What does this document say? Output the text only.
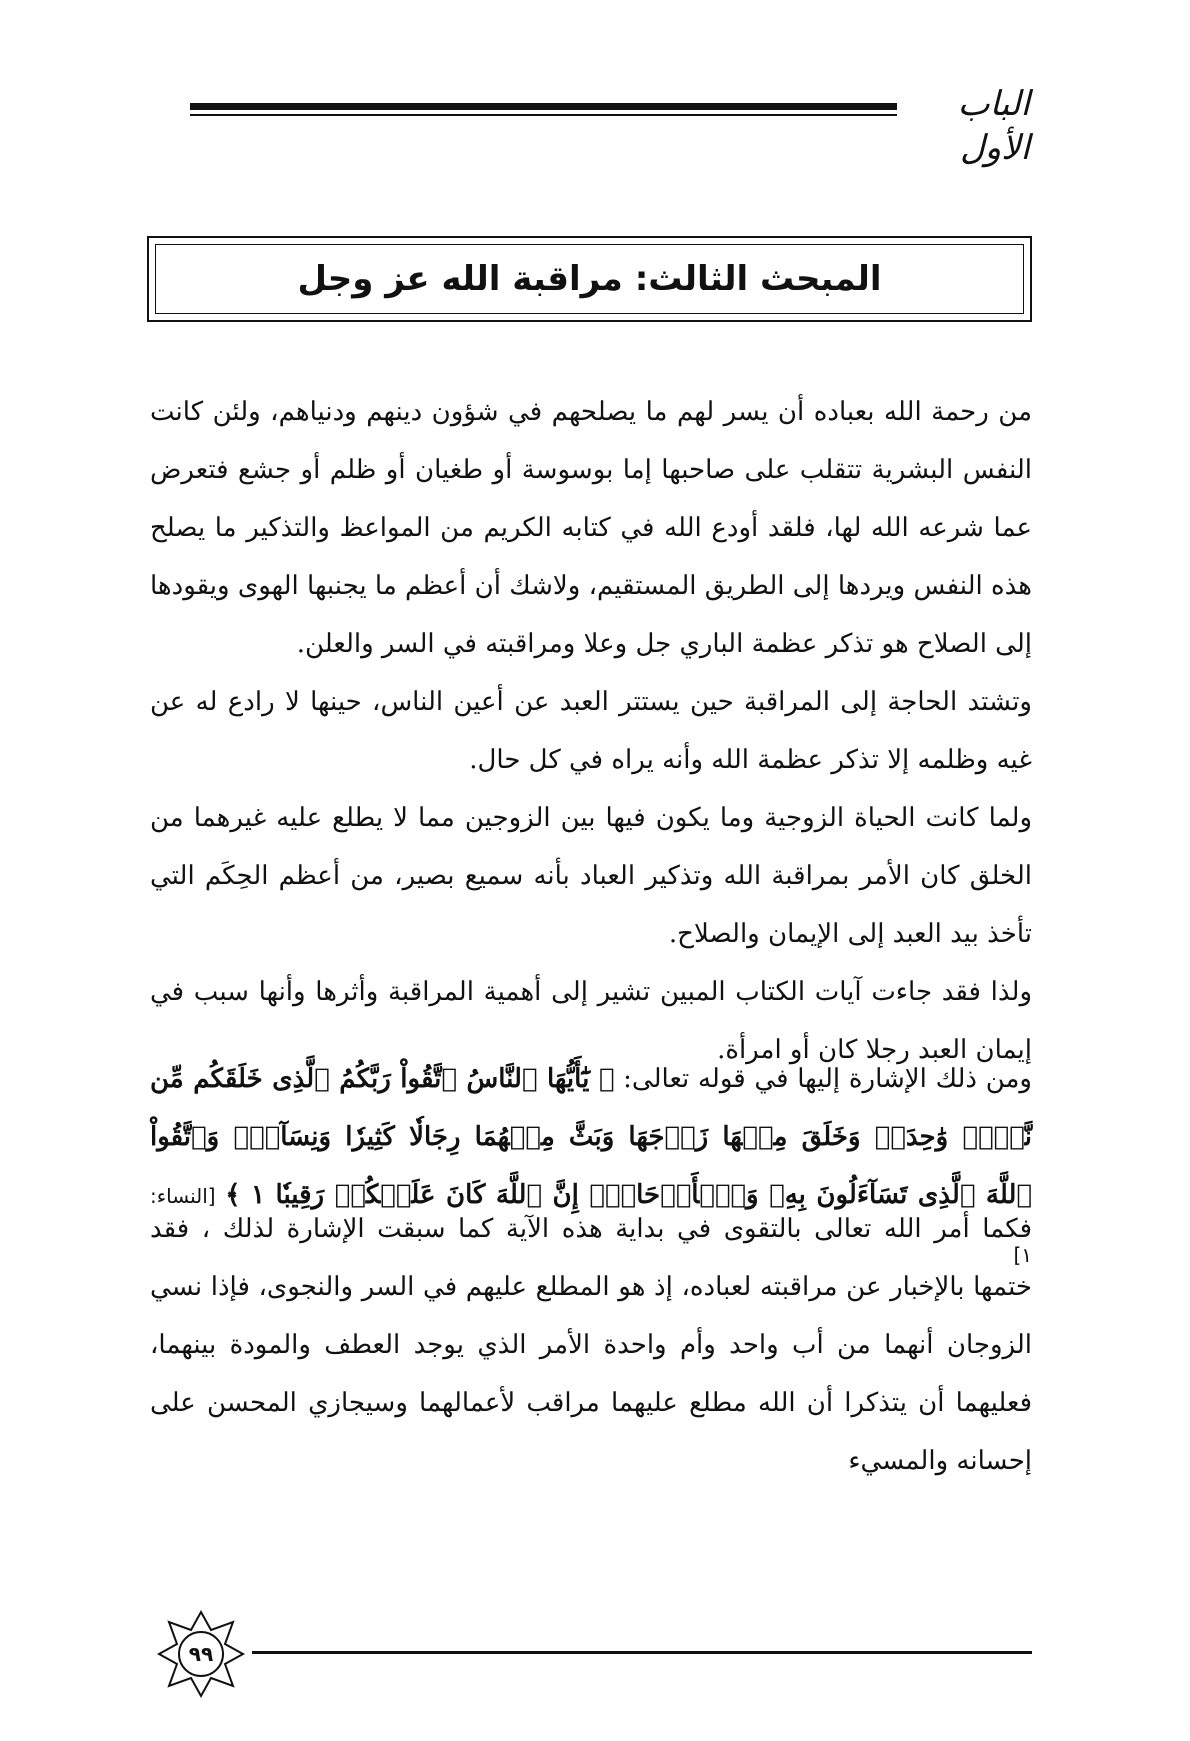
الباب الأول
المبحث الثالث: مراقبة الله عز وجل

من رحمة الله بعباده أن يسر لهم ما يصلحهم في شؤون دينهم ودنياهم، ولئن كانت النفس البشرية تتقلب على صاحبها إما بوسوسة أو طغيان أو ظلم أو جشع فتعرض عما شرعه الله لها، فلقد أودع الله في كتابه الكريم من المواعظ والتذكير ما يصلح هذه النفس ويردها إلى الطريق المستقيم، ولاشك أن أعظم ما يجنبها الهوى ويقودها إلى الصلاح هو تذكر عظمة الباري جل وعلا ومراقبته في السر والعلن.

وتشتد الحاجة إلى المراقبة حين يستتر العبد عن أعين الناس، حينها لا رادع له عن غيه وظلمه إلا تذكر عظمة الله وأنه يراه في كل حال.

ولما كانت الحياة الزوجية وما يكون فيها بين الزوجين مما لا يطلع عليه غيرهما من الخلق كان الأمر بمراقبة الله وتذكير العباد بأنه سميع بصير، من أعظم الحِكَم التي تأخذ بيد العبد إلى الإيمان والصلاح.

ولذا فقد جاءت آيات الكتاب المبين تشير إلى أهمية المراقبة وأثرها وأنها سبب في إيمان العبد رجلا كان أو امرأة.

ومن ذلك الإشارة إليها في قوله تعالى: ﴿ يَٰٓأَيُّهَا ٱلنَّاسُ ٱتَّقُواْ رَبَّكُمُ ٱلَّذِى خَلَقَكُم مِّن نَّفۡسٖ وَٰحِدَةٖ وَخَلَقَ مِنۡهَا زَوۡجَهَا وَبَثَّ مِنۡهُمَا رِجَالٗا كَثِيرٗا وَنِسَآءٗۚ وَٱتَّقُواْ ٱللَّهَ ٱلَّذِى تَسَآءَلُونَ بِهِۦ وَٱلۡأَرۡحَامَۚ إِنَّ ٱللَّهَ كَانَ عَلَيۡكُمۡ رَقِيبٗا ١ ﴾ [النساء: ١]

فكما أمر الله تعالى بالتقوى في بداية هذه الآية كما سبقت الإشارة لذلك ، فقد ختمها بالإخبار عن مراقبته لعباده، إذ هو المطلع عليهم في السر والنجوى، فإذا نسي الزوجان أنهما من أب واحد وأم واحدة الأمر الذي يوجد العطف والمودة بينهما، فعليهما أن يتذكرا أن الله مطلع عليهما مراقب لأعمالهما وسيجازي المحسن على إحسانه والمسيء
٩٩
